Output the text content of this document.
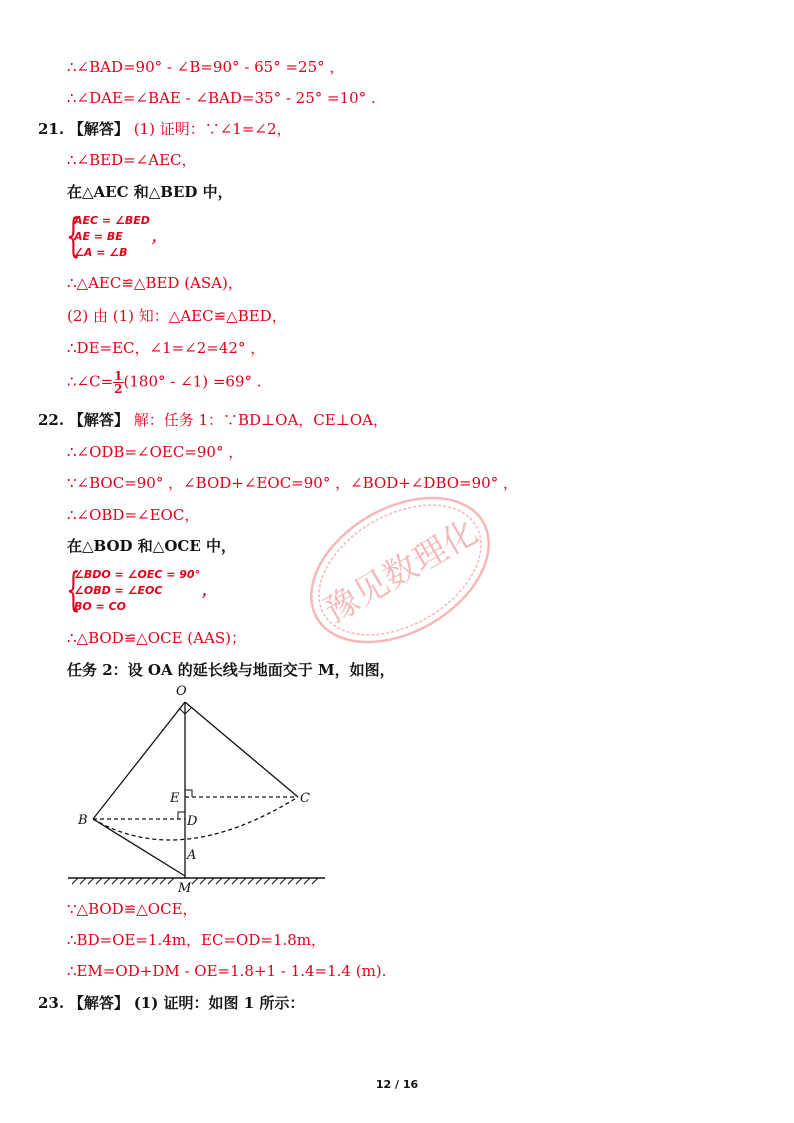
∴∠BAD=90° - ∠B=90° - 65° =25° ，
∴∠DAE=∠BAE - ∠BAD=35° - 25° =10° .
21. 【解答】 (1) 证明：∵∠1=∠2，
∴∠BED=∠AEC，
在△AEC 和△BED 中，
{
AEC = ∠BED
AE = BE
∠A = ∠B
，
∴△AEC≌△BED (ASA)，
(2) 由 (1) 知：△AEC≌△BED，
∴DE=EC，∠1=∠2=42° ，
∴∠C= $\frac{1}{2} (180^\circ$ - ∠1) =69° .
22. 【解答】 解：任务 1：∵BD⊥OA，CE⊥OA，
∴∠ODB=∠OEC=90° ，
∵∠BOC=90° ，∠BOD+∠EOC=90° ，∠BOD+∠DBO=90° ，
∴∠OBD=∠EOC，
在△BOD 和△OCE 中，
{
∠BDO = ∠OEC = 90°
∠OBD = ∠EOC
BO = CO
，
∴△BOD≌△OCE (AAS)；
任务 2：设 OA 的延长线与地面交于 M，如图，
O
E	C
B	D
A
M
∵△BOD≌△OCE，
∴BD=OE=1.4m，EC=OD=1.8m，
∴EM=OD+DM - OE=1.8+1 - 1.4=1.4 (m).
23. 【解答】 (1) 证明：如图 1 所示：
豫见数理化
12 / 16
